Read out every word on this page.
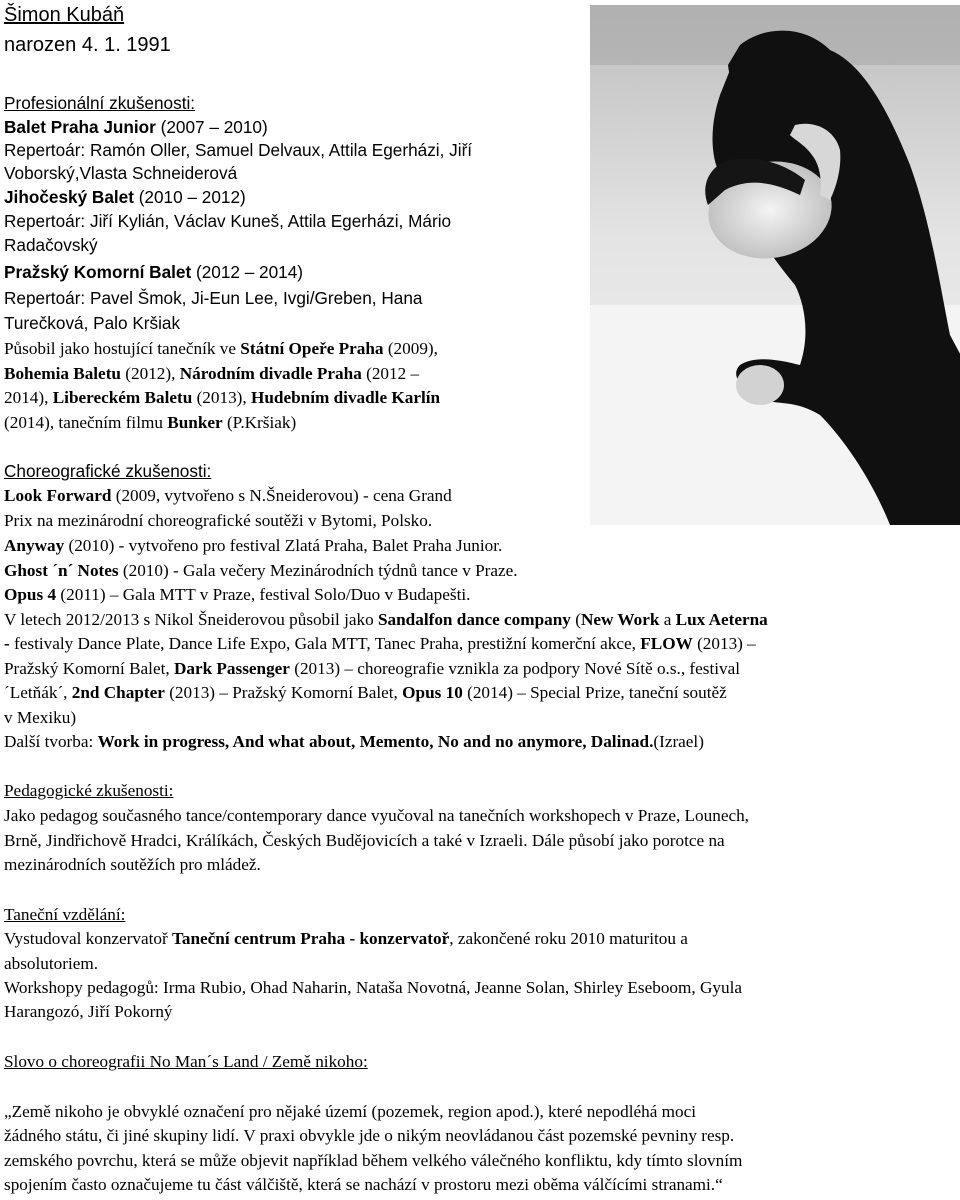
Šimon Kubáň
narozen 4. 1. 1991
Profesionální zkušenosti:
Balet Praha Junior (2007 – 2010)
Repertoár: Ramón Oller, Samuel Delvaux, Attila Egerházi, Jiří
Voborský,Vlasta Schneiderová
Jihočeský Balet (2010 – 2012)
Repertoár: Jiří Kylián, Václav Kuneš, Attila Egerházi, Mário
Radačovský
Pražský Komorní Balet (2012 – 2014)
Repertoár: Pavel Šmok, Ji-Eun Lee, Ivgi/Greben, Hana
Turečková, Palo Kršiak
Působil jako hostující tanečník ve Státní Opeře Praha (2009),
Bohemia Baletu (2012), Národním divadle Praha (2012 –
2014), Libereckém Baletu (2013), Hudebním divadle Karlín
(2014), tanečním filmu Bunker (P.Kršiak)
Choreografické zkušenosti:
Look Forward (2009, vytvořeno s N.Šneiderovou) - cena Grand
Prix na mezinárodní choreografické soutěži v Bytomi, Polsko.
Anyway (2010) - vytvořeno pro festival Zlatá Praha, Balet Praha Junior.
Ghost ´n´ Notes (2010) - Gala večery Mezinárodních týdnů tance v Praze.
Opus 4 (2011) – Gala MTT v Praze, festival Solo/Duo v Budapešti.
V letech 2012/2013 s Nikol Šneiderovou působil jako Sandalfon dance company (New Work a Lux Aeterna
- festivaly Dance Plate, Dance Life Expo, Gala MTT, Tanec Praha, prestižní komerční akce, FLOW (2013) –
Pražský Komorní Balet, Dark Passenger (2013) – choreografie vznikla za podpory Nové Sítě o.s., festival
´Letňák´, 2nd Chapter (2013) – Pražský Komorní Balet, Opus 10 (2014) – Special Prize, taneční soutěž
v Mexiku)
Další tvorba: Work in progress, And what about, Memento, No and no anymore, Dalinad.(Izrael)
Pedagogické zkušenosti:
Jako pedagog současného tance/contemporary dance vyučoval na tanečních workshopech v Praze, Lounech,
Brně, Jindřichově Hradci, Králíkách, Českých Budějovicích a také v Izraeli. Dále působí jako porotce na
mezinárodních soutěžích pro mládež.
Taneční vzdělání:
Vystudoval konzervatoř Taneční centrum Praha - konzervatoř, zakončené roku 2010 maturitou a
absolutoriem.
Workshopy pedagogů: Irma Rubio, Ohad Naharin, Nataša Novotná, Jeanne Solan, Shirley Eseboom, Gyula
Harangozó, Jiří Pokorný
Slovo o choreografii No Man´s Land / Země nikoho:
„Země nikoho je obvyklé označení pro nějaké území (pozemek, region apod.), které nepodléhá moci
žádného státu, či jiné skupiny lidí. V praxi obvykle jde o nikým neovládanou část pozemské pevniny resp.
zemského povrchu, která se může objevit například během velkého válečného konfliktu, kdy tímto slovním
spojením často označujeme tu část válčiště, která se nachází v prostoru mezi oběma válčícími stranami.“
